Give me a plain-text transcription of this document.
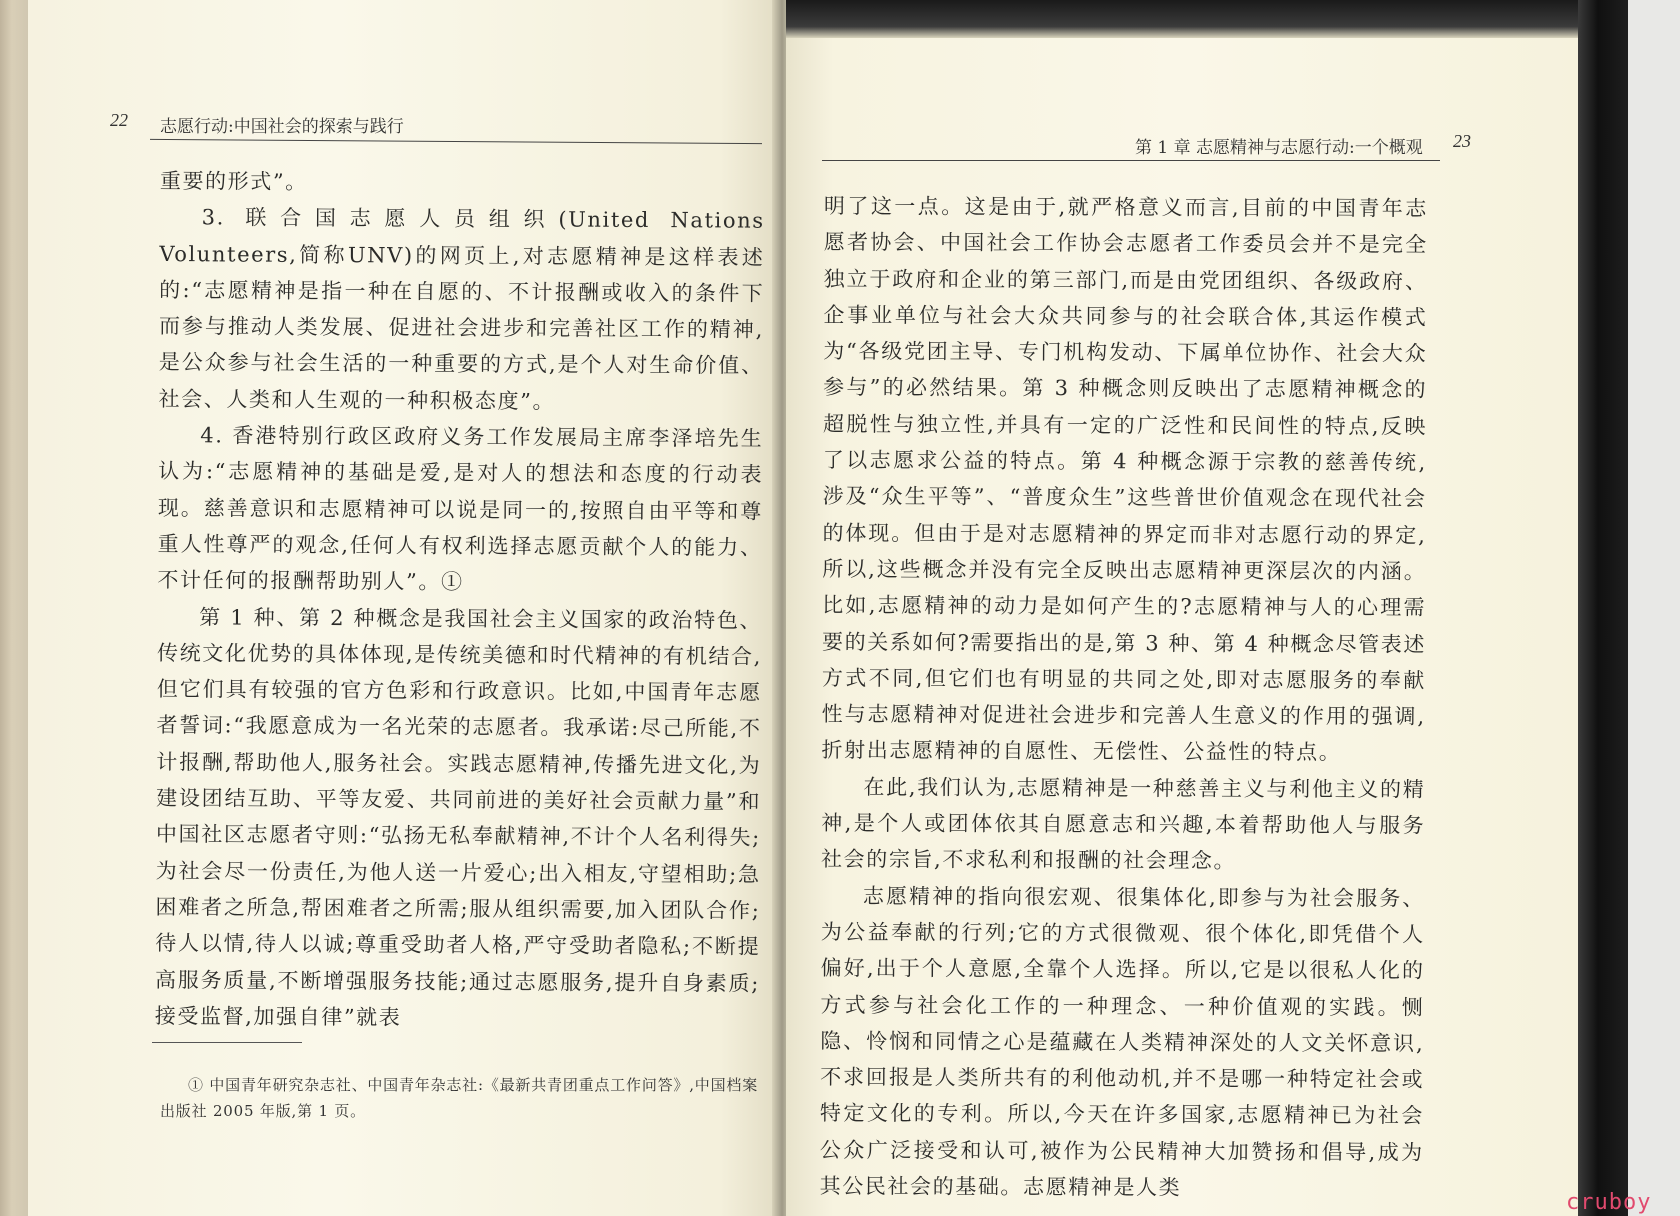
22 志愿行动:中国社会的探索与践行
第 1 章 志愿精神与志愿行动:一个概观 23

重要的形式”。

3. 联合国志愿人员组织(United Nations Volunteers,简称UNV)的网页上,对志愿精神是这样表述的:“志愿精神是指一种在自愿的、不计报酬或收入的条件下而参与推动人类发展、促进社会进步和完善社区工作的精神,是公众参与社会生活的一种重要的方式,是个人对生命价值、社会、人类和人生观的一种积极态度”。

4. 香港特别行政区政府义务工作发展局主席李泽培先生认为:“志愿精神的基础是爱,是对人的想法和态度的行动表现。慈善意识和志愿精神可以说是同一的,按照自由平等和尊重人性尊严的观念,任何人有权利选择志愿贡献个人的能力、不计任何的报酬帮助别人”。①

第 1 种、第 2 种概念是我国社会主义国家的政治特色、传统文化优势的具体体现,是传统美德和时代精神的有机结合,但它们具有较强的官方色彩和行政意识。比如,中国青年志愿者誓词:“我愿意成为一名光荣的志愿者。我承诺:尽己所能,不计报酬,帮助他人,服务社会。实践志愿精神,传播先进文化,为建设团结互助、平等友爱、共同前进的美好社会贡献力量”和中国社区志愿者守则:“弘扬无私奉献精神,不计个人名利得失;为社会尽一份责任,为他人送一片爱心;出入相友,守望相助;急困难者之所急,帮困难者之所需;服从组织需要,加入团队合作;待人以情,待人以诚;尊重受助者人格,严守受助者隐私;不断提高服务质量,不断增强服务技能;通过志愿服务,提升自身素质;接受监督,加强自律”就表

① 中国青年研究杂志社、中国青年杂志社:《最新共青团重点工作问答》,中国档案出版社 2005 年版,第 1 页。

明了这一点。这是由于,就严格意义而言,目前的中国青年志愿者协会、中国社会工作协会志愿者工作委员会并不是完全独立于政府和企业的第三部门,而是由党团组织、各级政府、企事业单位与社会大众共同参与的社会联合体,其运作模式为“各级党团主导、专门机构发动、下属单位协作、社会大众参与”的必然结果。第 3 种概念则反映出了志愿精神概念的超脱性与独立性,并具有一定的广泛性和民间性的特点,反映了以志愿求公益的特点。第 4 种概念源于宗教的慈善传统,涉及“众生平等”、“普度众生”这些普世价值观念在现代社会的体现。但由于是对志愿精神的界定而非对志愿行动的界定,所以,这些概念并没有完全反映出志愿精神更深层次的内涵。比如,志愿精神的动力是如何产生的?志愿精神与人的心理需要的关系如何?需要指出的是,第 3 种、第 4 种概念尽管表述方式不同,但它们也有明显的共同之处,即对志愿服务的奉献性与志愿精神对促进社会进步和完善人生意义的作用的强调,折射出志愿精神的自愿性、无偿性、公益性的特点。

在此,我们认为,志愿精神是一种慈善主义与利他主义的精神,是个人或团体依其自愿意志和兴趣,本着帮助他人与服务社会的宗旨,不求私利和报酬的社会理念。

志愿精神的指向很宏观、很集体化,即参与为社会服务、为公益奉献的行列;它的方式很微观、很个体化,即凭借个人偏好,出于个人意愿,全靠个人选择。所以,它是以很私人化的方式参与社会化工作的一种理念、一种价值观的实践。恻隐、怜悯和同情之心是蕴藏在人类精神深处的人文关怀意识,不求回报是人类所共有的利他动机,并不是哪一种特定社会或特定文化的专利。所以,今天在许多国家,志愿精神已为社会公众广泛接受和认可,被作为公民精神大加赞扬和倡导,成为其公民社会的基础。志愿精神是人类

cruboy
